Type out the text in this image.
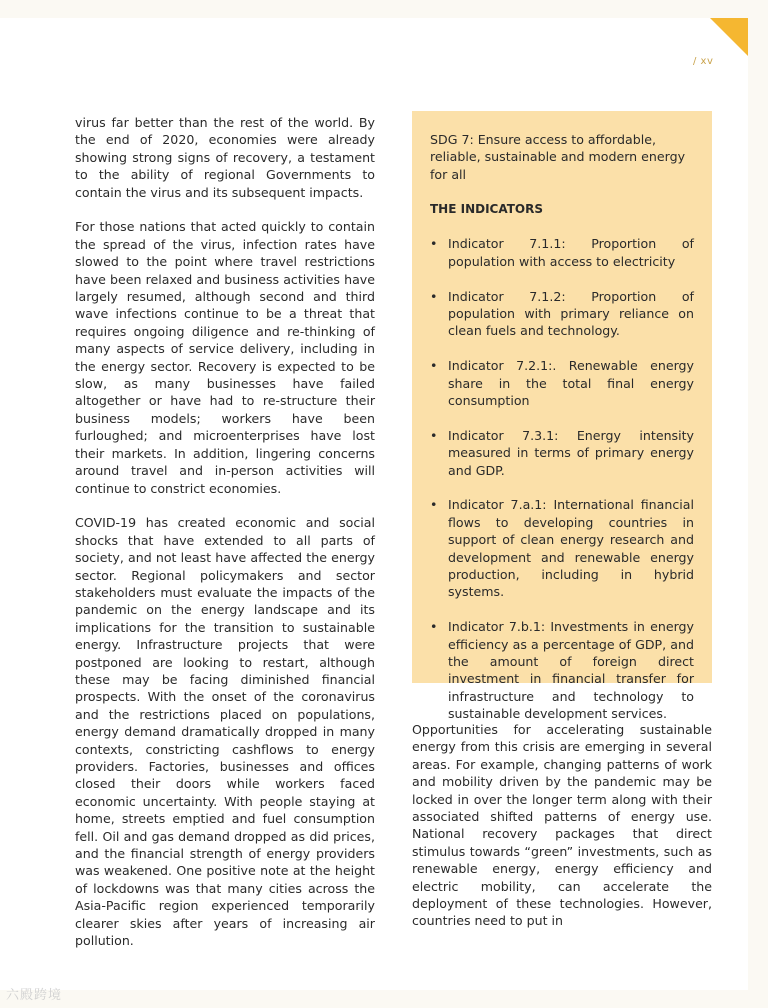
/ xv

virus far better than the rest of the world. By the end of 2020, economies were already showing strong signs of recovery, a testament to the ability of regional Governments to contain the virus and its subsequent impacts.

For those nations that acted quickly to contain the spread of the virus, infection rates have slowed to the point where travel restrictions have been relaxed and business activities have largely resumed, although second and third wave infections continue to be a threat that requires ongoing diligence and re-thinking of many aspects of service delivery, including in the energy sector. Recovery is expected to be slow, as many businesses have failed altogether or have had to re-structure their business models; workers have been furloughed; and microenterprises have lost their markets. In addition, lingering concerns around travel and in-person activities will continue to constrict economies.

COVID-19 has created economic and social shocks that have extended to all parts of society, and not least have affected the energy sector. Regional policymakers and sector stakeholders must evaluate the impacts of the pandemic on the energy landscape and its implications for the transition to sustainable energy. Infrastructure projects that were postponed are looking to restart, although these may be facing diminished financial prospects. With the onset of the coronavirus and the restrictions placed on populations, energy demand dramatically dropped in many contexts, constricting cashflows to energy providers. Factories, businesses and offices closed their doors while workers faced economic uncertainty. With people staying at home, streets emptied and fuel consumption fell. Oil and gas demand dropped as did prices, and the financial strength of energy providers was weakened. One positive note at the height of lockdowns was that many cities across the Asia-Pacific region experienced temporarily clearer skies after years of increasing air pollution.

SDG 7: Ensure access to affordable, reliable, sustainable and modern energy for all

THE INDICATORS

• Indicator 7.1.1: Proportion of population with access to electricity
• Indicator 7.1.2: Proportion of population with primary reliance on clean fuels and technology.
• Indicator 7.2.1:. Renewable energy share in the total final energy consumption
• Indicator 7.3.1: Energy intensity measured in terms of primary energy and GDP.
• Indicator 7.a.1: International financial flows to developing countries in support of clean energy research and development and renewable energy production, including in hybrid systems.
• Indicator 7.b.1: Investments in energy efficiency as a percentage of GDP, and the amount of foreign direct investment in financial transfer for infrastructure and technology to sustainable development services.

Opportunities for accelerating sustainable energy from this crisis are emerging in several areas. For example, changing patterns of work and mobility driven by the pandemic may be locked in over the longer term along with their associated shifted patterns of energy use. National recovery packages that direct stimulus towards “green” investments, such as renewable energy, energy efficiency and electric mobility, can accelerate the deployment of these technologies. However, countries need to put in

六殿跨境
